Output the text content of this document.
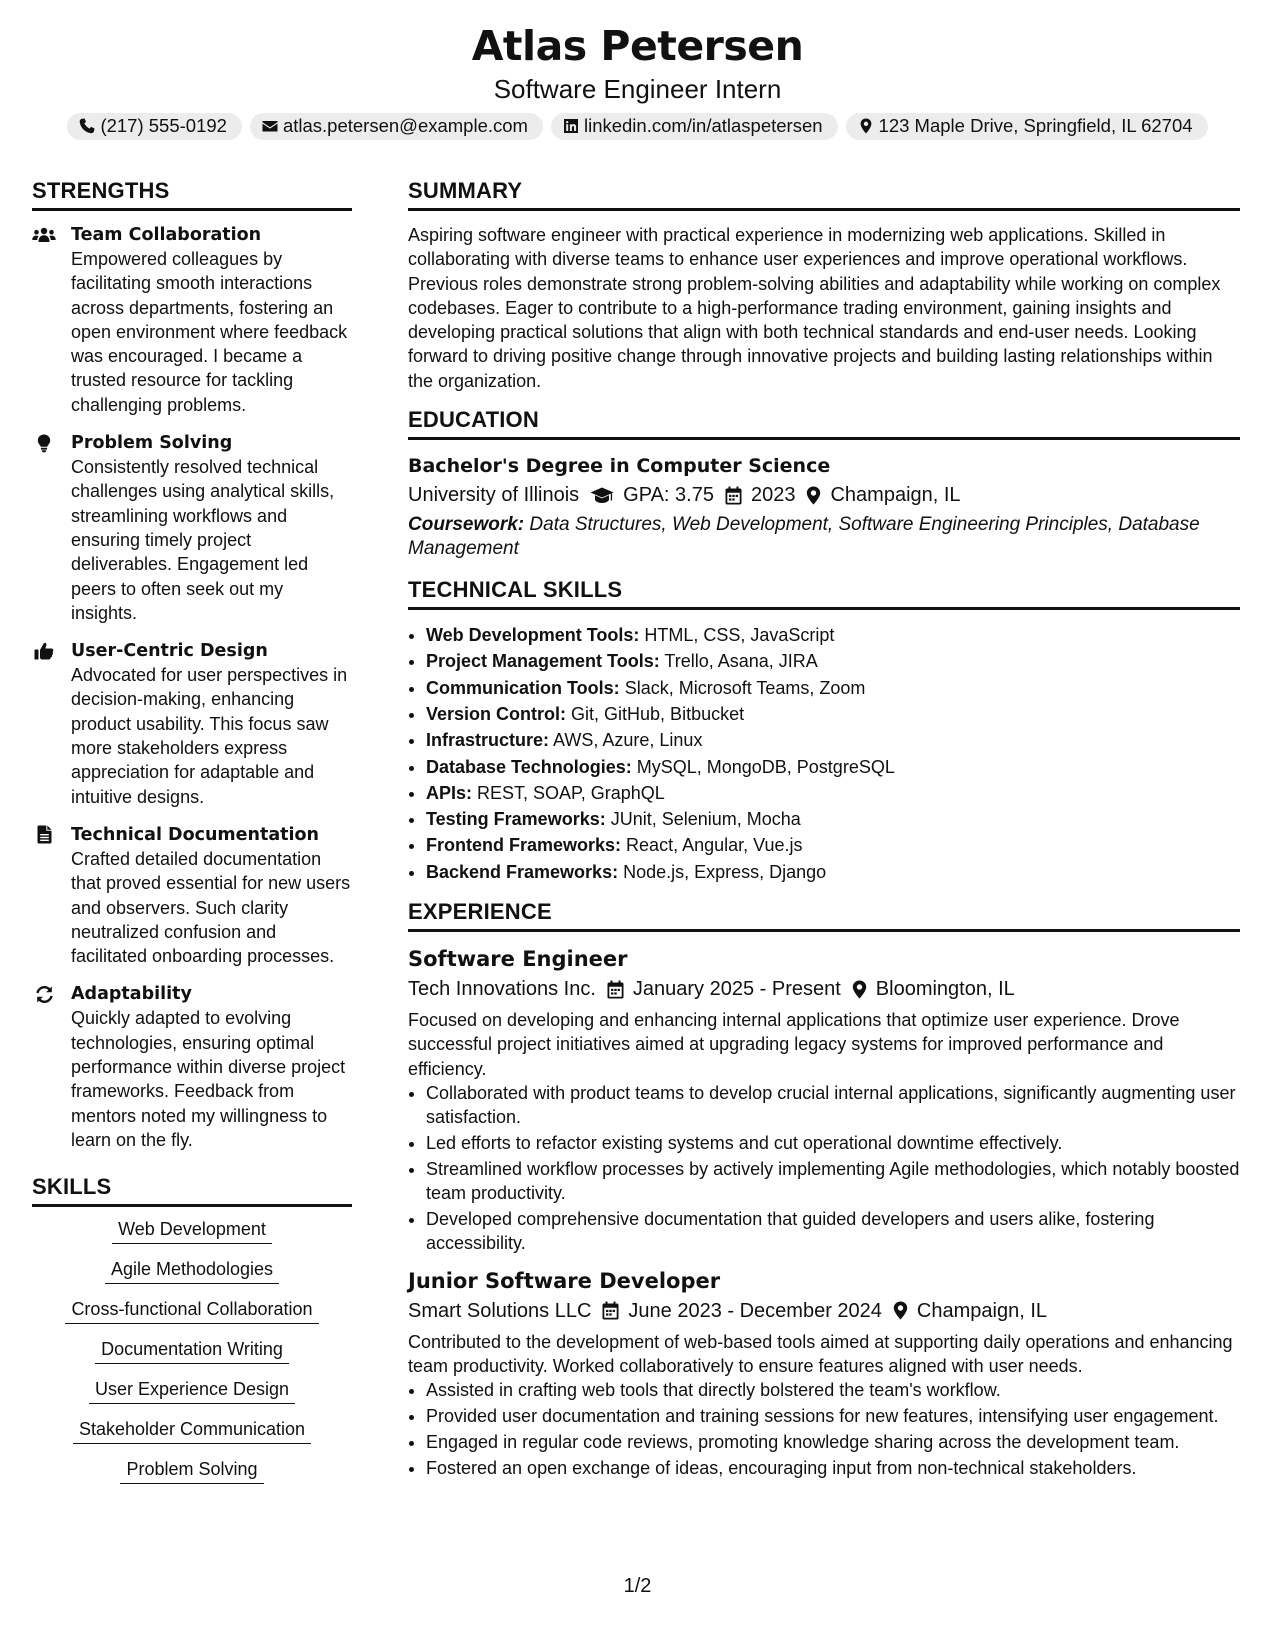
Atlas Petersen
Software Engineer Intern
(217) 555-0192	atlas.petersen@example.com	linkedin.com/in/atlaspetersen	123 Maple Drive, Springfield, IL 62704
STRENGTHS
Team Collaboration
Empowered colleagues by facilitating smooth interactions across departments, fostering an open environment where feedback was encouraged. I became a trusted resource for tackling challenging problems.
Problem Solving
Consistently resolved technical challenges using analytical skills, streamlining workflows and ensuring timely project deliverables. Engagement led peers to often seek out my insights.
User-Centric Design
Advocated for user perspectives in decision-making, enhancing product usability. This focus saw more stakeholders express appreciation for adaptable and intuitive designs.
Technical Documentation
Crafted detailed documentation that proved essential for new users and observers. Such clarity neutralized confusion and facilitated onboarding processes.
Adaptability
Quickly adapted to evolving technologies, ensuring optimal performance within diverse project frameworks. Feedback from mentors noted my willingness to learn on the fly.
SKILLS
Web Development
Agile Methodologies
Cross-functional Collaboration
Documentation Writing
User Experience Design
Stakeholder Communication
Problem Solving
SUMMARY
Aspiring software engineer with practical experience in modernizing web applications. Skilled in collaborating with diverse teams to enhance user experiences and improve operational workflows. Previous roles demonstrate strong problem-solving abilities and adaptability while working on complex codebases. Eager to contribute to a high-performance trading environment, gaining insights and developing practical solutions that align with both technical standards and end-user needs. Looking forward to driving positive change through innovative projects and building lasting relationships within the organization.
EDUCATION
Bachelor's Degree in Computer Science
University of Illinois GPA: 3.75 2023 Champaign, IL
Coursework: Data Structures, Web Development, Software Engineering Principles, Database Management
TECHNICAL SKILLS
• Web Development Tools: HTML, CSS, JavaScript
• Project Management Tools: Trello, Asana, JIRA
• Communication Tools: Slack, Microsoft Teams, Zoom
• Version Control: Git, GitHub, Bitbucket
• Infrastructure: AWS, Azure, Linux
• Database Technologies: MySQL, MongoDB, PostgreSQL
• APIs: REST, SOAP, GraphQL
• Testing Frameworks: JUnit, Selenium, Mocha
• Frontend Frameworks: React, Angular, Vue.js
• Backend Frameworks: Node.js, Express, Django
EXPERIENCE
Software Engineer
Tech Innovations Inc. January 2025 - Present Bloomington, IL
Focused on developing and enhancing internal applications that optimize user experience. Drove successful project initiatives aimed at upgrading legacy systems for improved performance and efficiency.
• Collaborated with product teams to develop crucial internal applications, significantly augmenting user satisfaction.
• Led efforts to refactor existing systems and cut operational downtime effectively.
• Streamlined workflow processes by actively implementing Agile methodologies, which notably boosted team productivity.
• Developed comprehensive documentation that guided developers and users alike, fostering accessibility.
Junior Software Developer
Smart Solutions LLC June 2023 - December 2024 Champaign, IL
Contributed to the development of web-based tools aimed at supporting daily operations and enhancing team productivity. Worked collaboratively to ensure features aligned with user needs.
• Assisted in crafting web tools that directly bolstered the team's workflow.
• Provided user documentation and training sessions for new features, intensifying user engagement.
• Engaged in regular code reviews, promoting knowledge sharing across the development team.
• Fostered an open exchange of ideas, encouraging input from non-technical stakeholders.
1/2
